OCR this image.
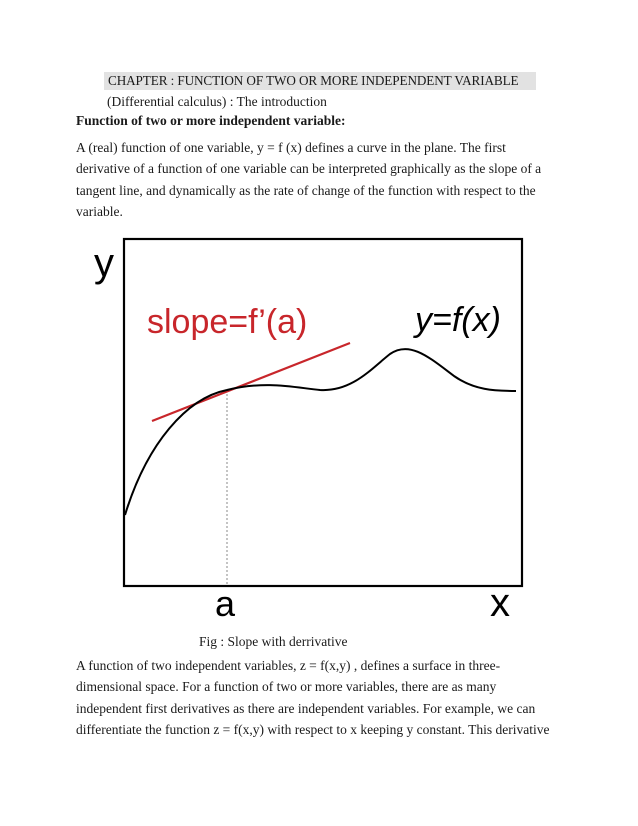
CHAPTER : FUNCTION OF TWO OR MORE INDEPENDENT VARIABLE
(Differential calculus) : The introduction
Function of two or more independent variable:
A (real) function of one variable, y = f (x) defines a curve in the plane. The first derivative of a function of one variable can be interpreted graphically as the slope of a tangent line, and dynamically as the rate of change of the function with respect to the variable.
y
slope=f’(a)	y=f(x)
a	x
Fig : Slope with derrivative
A function of two independent variables, z = f(x,y) , defines a surface in three-dimensional space. For a function of two or more variables, there are as many independent first derivatives as there are independent variables. For example, we can differentiate the function z = f(x,y) with respect to x keeping y constant. This derivative
